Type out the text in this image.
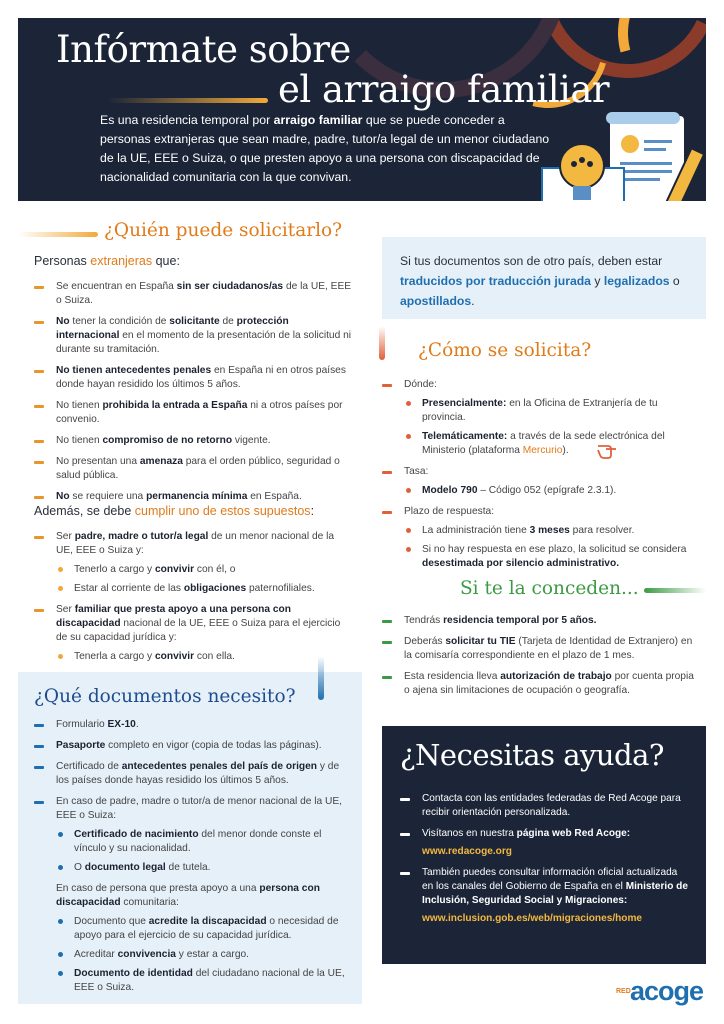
Infórmate sobre
el arraigo familiar
Es una residencia temporal por arraigo familiar que se puede conceder a personas extranjeras que sean madre, padre, tutor/a legal de un menor ciudadano de la UE, EEE o Suiza, o que presten apoyo a una persona con discapacidad de nacionalidad comunitaria con la que convivan.
¿Quién puede solicitarlo?
Personas extranjeras que:
Se encuentran en España sin ser ciudadanos/as de la UE, EEE o Suiza.
No tener la condición de solicitante de protección internacional en el momento de la presentación de la solicitud ni durante su tramitación.
No tienen antecedentes penales en España ni en otros países donde hayan residido los últimos 5 años.
No tienen prohibida la entrada a España ni a otros países por convenio.
No tienen compromiso de no retorno vigente.
No presentan una amenaza para el orden público, seguridad o salud pública.
No se requiere una permanencia mínima en España.
Además, se debe cumplir uno de estos supuestos:
Ser padre, madre o tutor/a legal de un menor nacional de la UE, EEE o Suiza y:
Tenerlo a cargo y convivir con él, o
Estar al corriente de las obligaciones paternofiliales.
Ser familiar que presta apoyo a una persona con discapacidad nacional de la UE, EEE o Suiza para el ejercicio de su capacidad jurídica y:
Tenerla a cargo y convivir con ella.
Si tus documentos son de otro país, deben estar traducidos por traducción jurada y legalizados o apostillados.
¿Cómo se solicita?
Dónde:
Presencialmente: en la Oficina de Extranjería de tu provincia.
Telemáticamente: a través de la sede electrónica del Ministerio (plataforma Mercurio).
Tasa:
Modelo 790 – Código 052 (epígrafe 2.3.1).
Plazo de respuesta:
La administración tiene 3 meses para resolver.
Si no hay respuesta en ese plazo, la solicitud se considera desestimada por silencio administrativo.
Si te la conceden...
Tendrás residencia temporal por 5 años.
Deberás solicitar tu TIE (Tarjeta de Identidad de Extranjero) en la comisaría correspondiente en el plazo de 1 mes.
Esta residencia lleva autorización de trabajo por cuenta propia o ajena sin limitaciones de ocupación o geografía.
¿Qué documentos necesito?
Formulario EX-10.
Pasaporte completo en vigor (copia de todas las páginas).
Certificado de antecedentes penales del país de origen y de los países donde hayas residido los últimos 5 años.
En caso de padre, madre o tutor/a de menor nacional de la UE, EEE o Suiza:
Certificado de nacimiento del menor donde conste el vínculo y su nacionalidad.
O documento legal de tutela.
En caso de persona que presta apoyo a una persona con discapacidad comunitaria:
Documento que acredite la discapacidad o necesidad de apoyo para el ejercicio de su capacidad jurídica.
Acreditar convivencia y estar a cargo.
Documento de identidad del ciudadano nacional de la UE, EEE o Suiza.
¿Necesitas ayuda?
Contacta con las entidades federadas de Red Acoge para recibir orientación personalizada.
Visítanos en nuestra página web Red Acoge:
www.redacoge.org
También puedes consultar información oficial actualizada en los canales del Gobierno de España en el Ministerio de Inclusión, Seguridad Social y Migraciones:
www.inclusion.gob.es/web/migraciones/home
RED acoge
